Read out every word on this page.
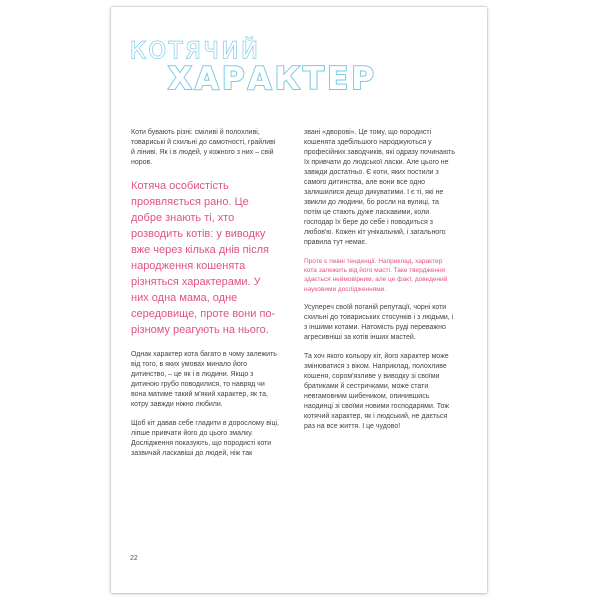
КОТЯЧИЙ
ХАРАКТЕР

Коти бувають різні: сміливі й полохливі, товариські й схильні до самотності, грайливі й лінивi. Як і в людей, у кожного з них – свій норов.

Котяча особистість проявляється рано. Це добре знають ті, хто розводить котів: у виводку вже через кілька днів після народження кошенята різняться характерами. У них одна мама, одне середовище, проте вони по-різному реагують на нього.

Однак характер кота багато в чому залежить від того, в яких умовах минало його дитинство, – це як і в людини. Якщо з дитиною грубо поводилися, то навряд чи вона матиме такий м'який характер, як та, котру завжди ніжно любили.

Щоб кіт давав себе гладити в дорослому віці, ліпше привчати його до цього змалку. Дослідження показують, що породисті коти зазвичай ласкавіші до людей, ніж так

звані «дворові». Це тому, що породисті кошенята здебільшого народжуються у професійних заводчиків, які одразу починають їх привчати до людської ласки. Але цього не завжди достатньо. Є коти, яких постили з самого дитинства, але вони все одно залишилися дещо дикуватими. І є ті, які не звикли до людини, бо росли на вулиці, та потім це стають дуже ласкавими, коли господар їх бере до себе і поводиться з любов'ю. Кожен кіт унікальний, і загального правила тут немає.

Проте є певні тенденції. Наприклад, характер кота залежить від його масті. Таке твердження здається неймовірним, але це факт, доведений науковими дослідженнями.

Усупереч своїй поганій репутації, чорні коти схильні до товариських стосунків і з людьми, і з іншими котами. Натомість руді переважно агресивніші за котів інших мастей.

Та хоч якого кольору кіт, його характер може змінюватися з віком. Наприклад, полохливе кошеня, сором'язливе у виводку зі своїми братиками й сестричками, може стати невгамовним шибеником, опинившись наодинці зі своїми новими господарями. Тож котячий характер, як і людський, не дається раз на все життя. І це чудово!

22
